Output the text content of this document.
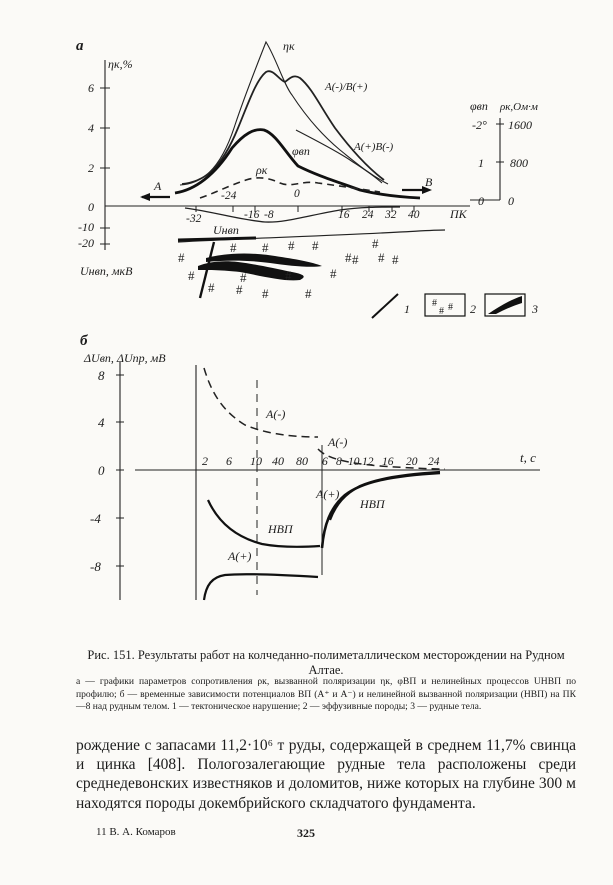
а
ηк,%
6
4
2
0
-10
-20
Uнвп, мкВ
-32
-24
-16 -8
0
16 24 32 40	ПК
φвп ρк,Ом·м
-2°
1
0
1600
800
0
A	B
ηк
A(-)/B(+)
φвп	A(+)B(-)
ρк
Uнвп
#
# # # #
# #
#
#
# # #
#
#
#
#	#
#
1 # #
# 2	3
б
ΔUвп, ΔUпр, мВ
8
4
0
-4
-8
2 6 10 40 80 6 8 10 12 16 20 24	t, c
A(-)
A(-)
НВП
A(+)
A(+)
НВП
Рис. 151. Результаты работ на колчеданно-полиметаллическом месторождении на Рудном Алтае.
а — графики параметров сопротивления ρк, вызванной поляризации ηк, φВП и нелинейных процессов UНВП по профилю; б — временные зависимости потенциалов ВП (А⁺ и А⁻) и нелинейной вызванной поляризации (НВП) на ПК —8 над рудным телом. 1 — тектоническое нарушение; 2 — эффузивные породы; 3 — рудные тела.
рождение с запасами 11,2·10⁶ т руды, содержащей в среднем 11,7% свинца и цинка [408]. Пологозалегающие рудные тела расположены среди среднедевонских известняков и доломитов, ниже которых на глубине 300 м находятся породы докембрийского складчатого фундамента.
11 В. А. Комаров	325
